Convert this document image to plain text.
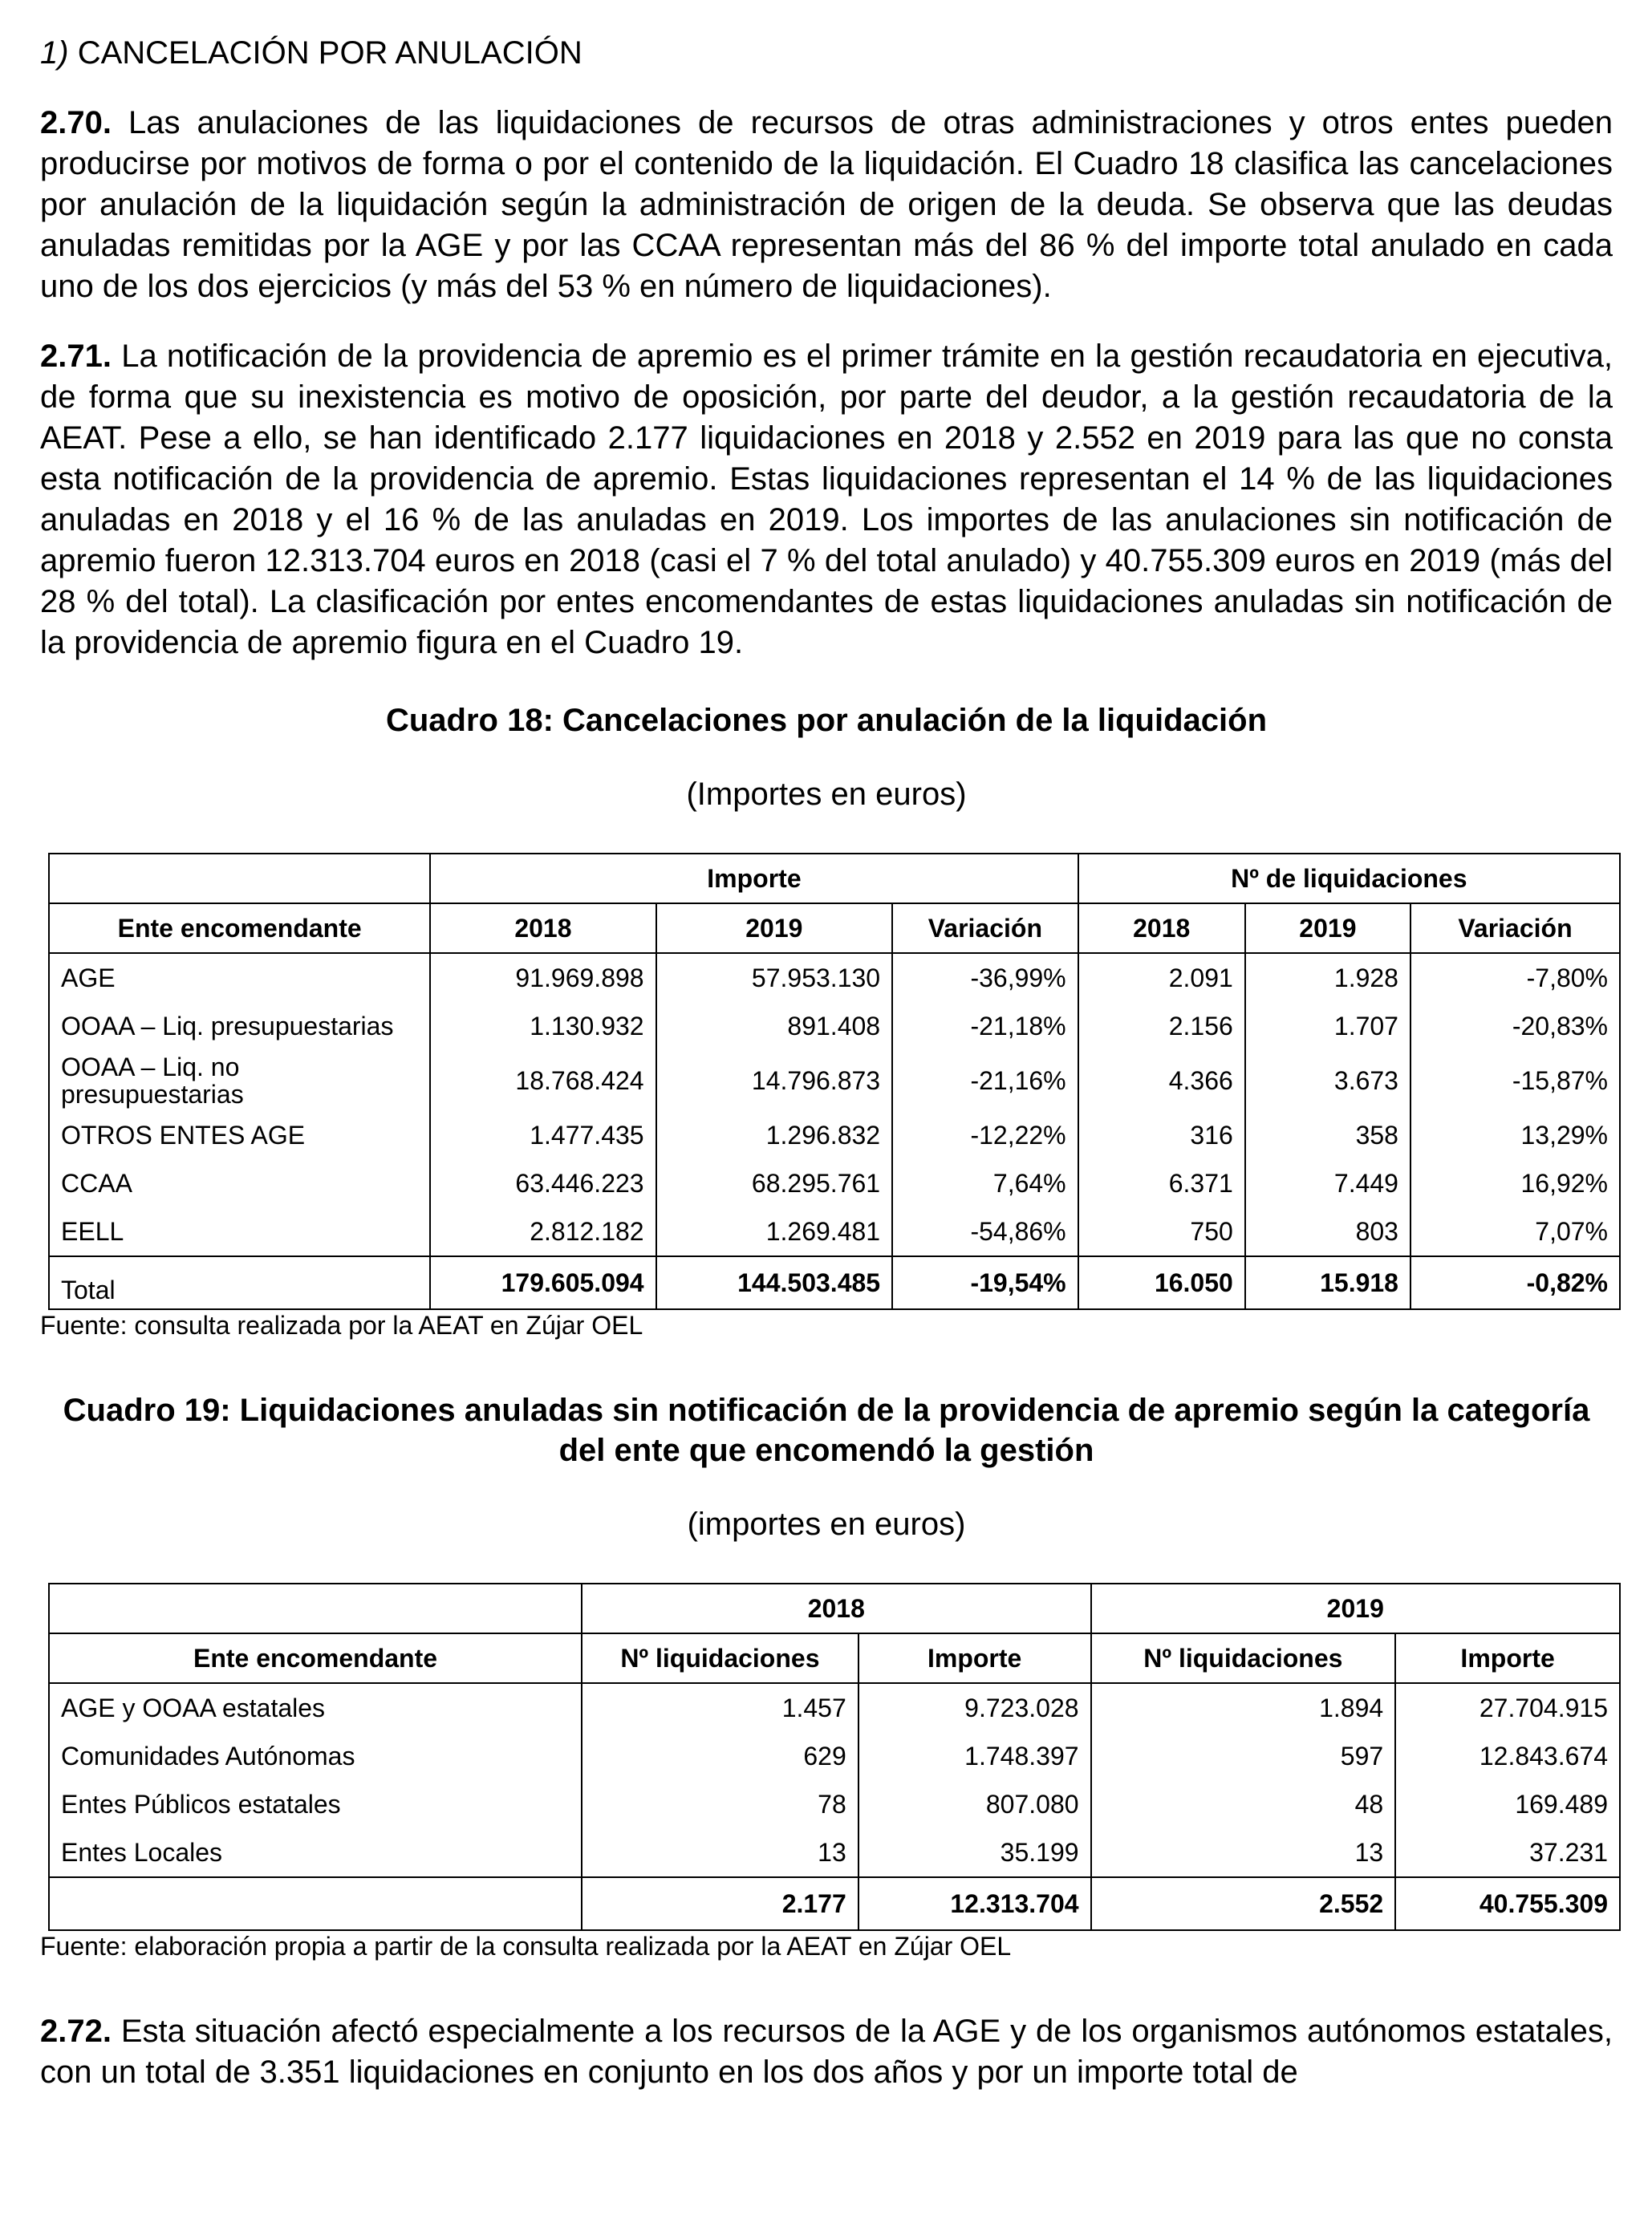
1) CANCELACIÓN POR ANULACIÓN

2.70. Las anulaciones de las liquidaciones de recursos de otras administraciones y otros entes pueden producirse por motivos de forma o por el contenido de la liquidación. El Cuadro 18 clasifica las cancelaciones por anulación de la liquidación según la administración de origen de la deuda. Se observa que las deudas anuladas remitidas por la AGE y por las CCAA representan más del 86 % del importe total anulado en cada uno de los dos ejercicios (y más del 53 % en número de liquidaciones).

2.71. La notificación de la providencia de apremio es el primer trámite en la gestión recaudatoria en ejecutiva, de forma que su inexistencia es motivo de oposición, por parte del deudor, a la gestión recaudatoria de la AEAT. Pese a ello, se han identificado 2.177 liquidaciones en 2018 y 2.552 en 2019 para las que no consta esta notificación de la providencia de apremio. Estas liquidaciones representan el 14 % de las liquidaciones anuladas en 2018 y el 16 % de las anuladas en 2019. Los importes de las anulaciones sin notificación de apremio fueron 12.313.704 euros en 2018 (casi el 7 % del total anulado) y 40.755.309 euros en 2019 (más del 28 % del total). La clasificación por entes encomendantes de estas liquidaciones anuladas sin notificación de la providencia de apremio figura en el Cuadro 19.

Cuadro 18: Cancelaciones por anulación de la liquidación
(Importes en euros)
	Importe			Nº de liquidaciones		
Ente encomendante	2018	2019	Variación	2018	2019	Variación
AGE	91.969.898	57.953.130	-36,99%	2.091	1.928	-7,80%
OOAA – Liq. presupuestarias	1.130.932	891.408	-21,18%	2.156	1.707	-20,83%
OOAA – Liq. no presupuestarias	18.768.424	14.796.873	-21,16%	4.366	3.673	-15,87%
OTROS ENTES AGE	1.477.435	1.296.832	-12,22%	316	358	13,29%
CCAA	63.446.223	68.295.761	7,64%	6.371	7.449	16,92%
EELL	2.812.182	1.269.481	-54,86%	750	803	7,07%
Total	179.605.094	144.503.485	-19,54%	16.050	15.918	-0,82%
Fuente: consulta realizada por la AEAT en Zújar OEL
Cuadro 19: Liquidaciones anuladas sin notificación de la providencia de apremio según la categoría del ente que encomendó la gestión
(importes en euros)
	2018		2019	
Ente encomendante	Nº liquidaciones	Importe	Nº liquidaciones	Importe
AGE y OOAA estatales	1.457	9.723.028	1.894	27.704.915
Comunidades Autónomas	629	1.748.397	597	12.843.674
Entes Públicos estatales	78	807.080	48	169.489
Entes Locales	13	35.199	13	37.231
	2.177	12.313.704	2.552	40.755.309
Fuente: elaboración propia a partir de la consulta realizada por la AEAT en Zújar OEL

2.72. Esta situación afectó especialmente a los recursos de la AGE y de los organismos autónomos estatales, con un total de 3.351 liquidaciones en conjunto en los dos años y por un importe total de
